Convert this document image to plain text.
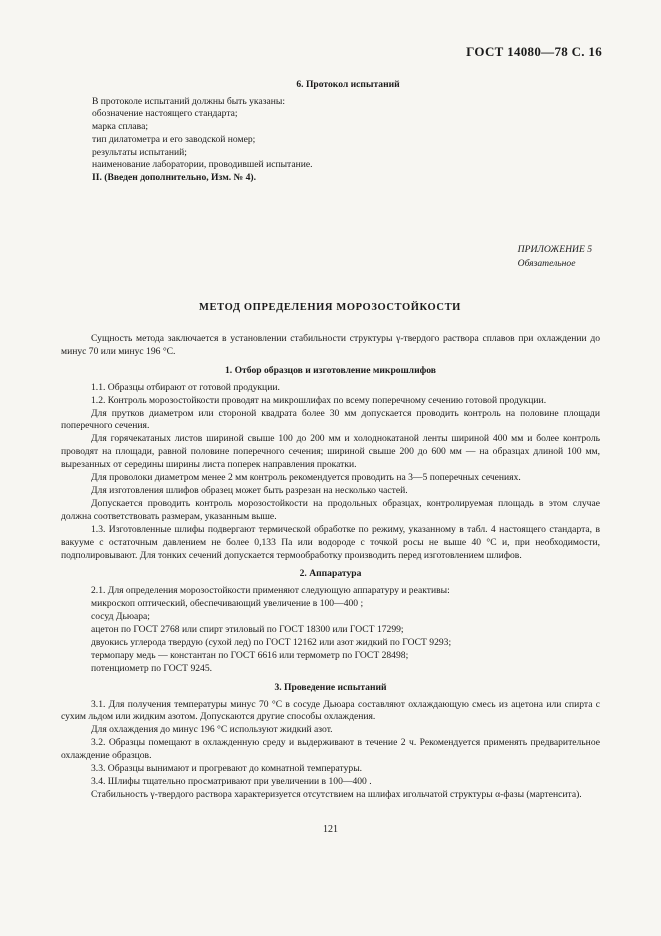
ГОСТ 14080—78 С. 16
6. Протокол испытаний
В протоколе испытаний должны быть указаны:
обозначение настоящего стандарта;
марка сплава;
тип дилатометра и его заводской номер;
результаты испытаний;
наименование лаборатории, проводившей испытание.
II. (Введен дополнительно, Изм. № 4).
ПРИЛОЖЕНИЕ 5
Обязательное
МЕТОД ОПРЕДЕЛЕНИЯ МОРОЗОСТОЙКОСТИ

Сущность метода заключается в установлении стабильности структуры γ-твердого раствора сплавов при охлаждении до минус 70 или минус 196 °С.

1. Отбор образцов и изготовление микрошлифов

1.1. Образцы отбирают от готовой продукции.

1.2. Контроль морозостойкости проводят на микрошлифах по всему поперечному сечению готовой продукции.

Для прутков диаметром или стороной квадрата более 30 мм допускается проводить контроль на половине площади поперечного сечения.

Для горячекатаных листов шириной свыше 100 до 200 мм и холоднокатаной ленты шириной 400 мм и более контроль проводят на площади, равной половине поперечного сечения; шириной свыше 200 до 600 мм — на образцах длиной 100 мм, вырезанных от середины ширины листа поперек направления прокатки.

Для проволоки диаметром менее 2 мм контроль рекомендуется проводить на 3—5 поперечных сечениях.

Для изготовления шлифов образец может быть разрезан на несколько частей.

Допускается проводить контроль морозостойкости на продольных образцах, контролируемая площадь в этом случае должна соответствовать размерам, указанным выше.

1.3. Изготовленные шлифы подвергают термической обработке по режиму, указанному в табл. 4 настоящего стандарта, в вакууме с остаточным давлением не более 0,133 Па или водороде с точкой росы не выше 40 °С и, при необходимости, подполировывают. Для тонких сечений допускается термообработку производить перед изготовлением шлифов.

2. Аппаратура

2.1. Для определения морозостойкости применяют следующую аппаратуру и реактивы:

микроскоп оптический, обеспечивающий увеличение в 100—400 ;

сосуд Дьюара;

ацетон по ГОСТ 2768 или спирт этиловый по ГОСТ 18300 или ГОСТ 17299;

двуокись углерода твердую (сухой лед) по ГОСТ 12162 или азот жидкий по ГОСТ 9293;

термопару медь — константан по ГОСТ 6616 или термометр по ГОСТ 28498;

потенциометр по ГОСТ 9245.

3. Проведение испытаний

3.1. Для получения температуры минус 70 °С в сосуде Дьюара составляют охлаждающую смесь из ацетона или спирта с сухим льдом или жидким азотом. Допускаются другие способы охлаждения.

Для охлаждения до минус 196 °С используют жидкий азот.

3.2. Образцы помещают в охлажденную среду и выдерживают в течение 2 ч. Рекомендуется применять предварительное охлаждение образцов.

3.3. Образцы вынимают и прогревают до комнатной температуры.

3.4. Шлифы тщательно просматривают при увеличении в 100—400 .

Стабильность γ-твердого раствора характеризуется отсутствием на шлифах игольчатой структуры α-фазы (мартенсита).

121
